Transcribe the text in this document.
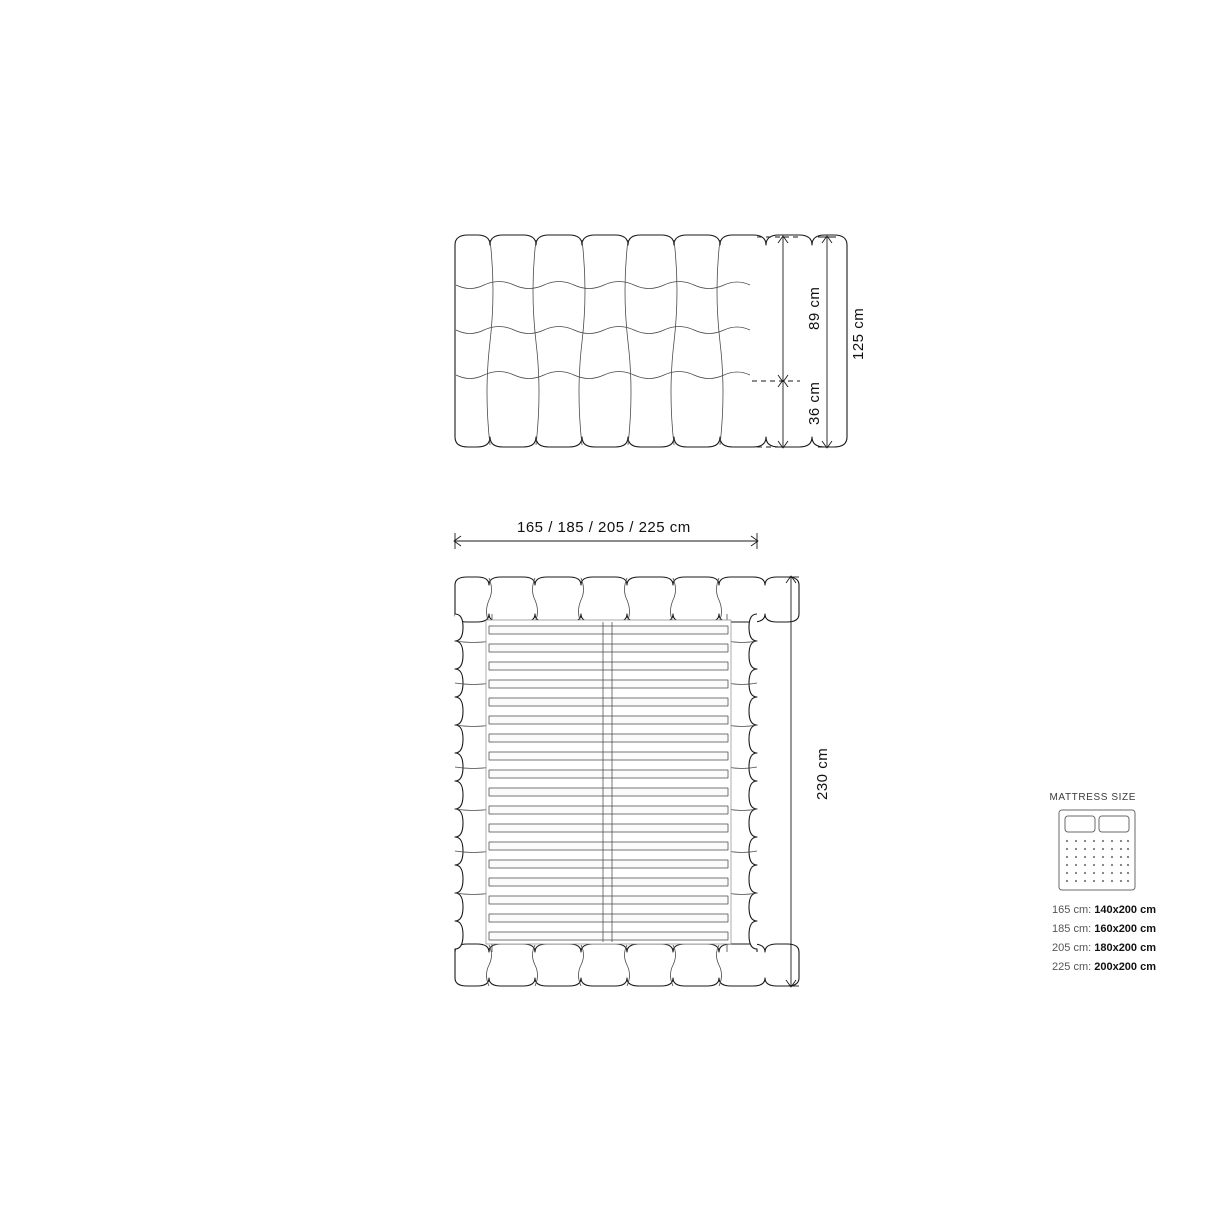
89 cm
36 cm
125 cm
165 / 185 / 205 / 225 cm
230 cm	MATTRESS SIZE
165 cm: 140x200 cm
185 cm: 160x200 cm
205 cm: 180x200 cm
225 cm: 200x200 cm
